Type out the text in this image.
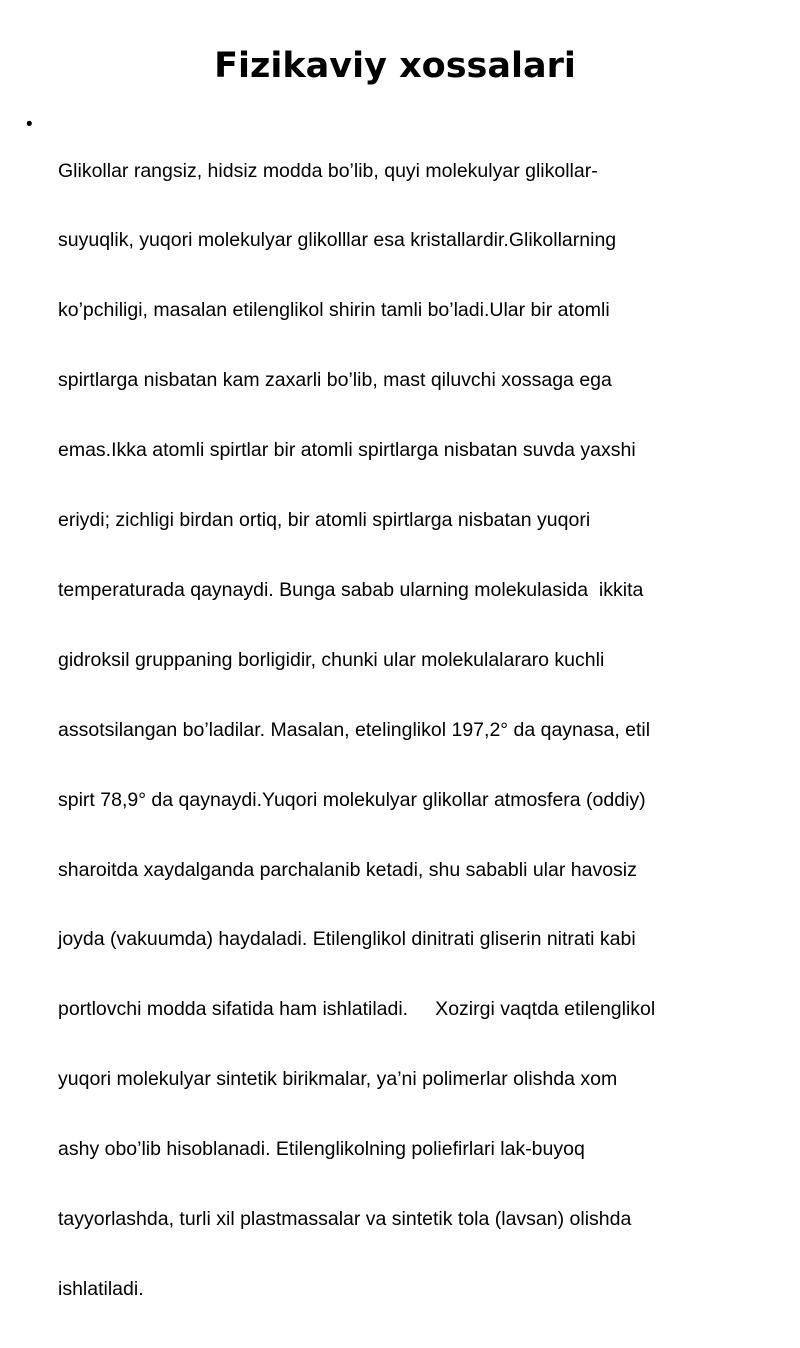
Fizikaviy xossalari
•

Glikollar rangsiz, hidsiz modda bo’lib, quyi molekulyar glikollar-

suyuqlik, yuqori molekulyar glikolllar esa kristallardir.Glikollarning

ko’pchiligi, masalan etilenglikol shirin tamli bo’ladi.Ular bir atomli

spirtlarga nisbatan kam zaxarli bo’lib, mast qiluvchi xossaga ega

emas.Ikka atomli spirtlar bir atomli spirtlarga nisbatan suvda yaxshi

eriydi; zichligi birdan ortiq, bir atomli spirtlarga nisbatan yuqori

temperaturada qaynaydi. Bunga sabab ularning molekulasida  ikkita

gidroksil gruppaning borligidir, chunki ular molekulalararo kuchli

assotsilangan bo’ladilar. Masalan, etelinglikol 197,2° da qaynasa, etil

spirt 78,9° da qaynaydi.Yuqori molekulyar glikollar atmosfera (oddiy)

sharoitda xaydalganda parchalanib ketadi, shu sababli ular havosiz

joyda (vakuumda) haydaladi. Etilenglikol dinitrati gliserin nitrati kabi

portlovchi modda sifatida ham ishlatiladi.     Xozirgi vaqtda etilenglikol

yuqori molekulyar sintetik birikmalar, ya’ni polimerlar olishda xom

ashy obo’lib hisoblanadi. Etilenglikolning poliefirlari lak-buyoq

tayyorlashda, turli xil plastmassalar va sintetik tola (lavsan) olishda

ishlatiladi.
